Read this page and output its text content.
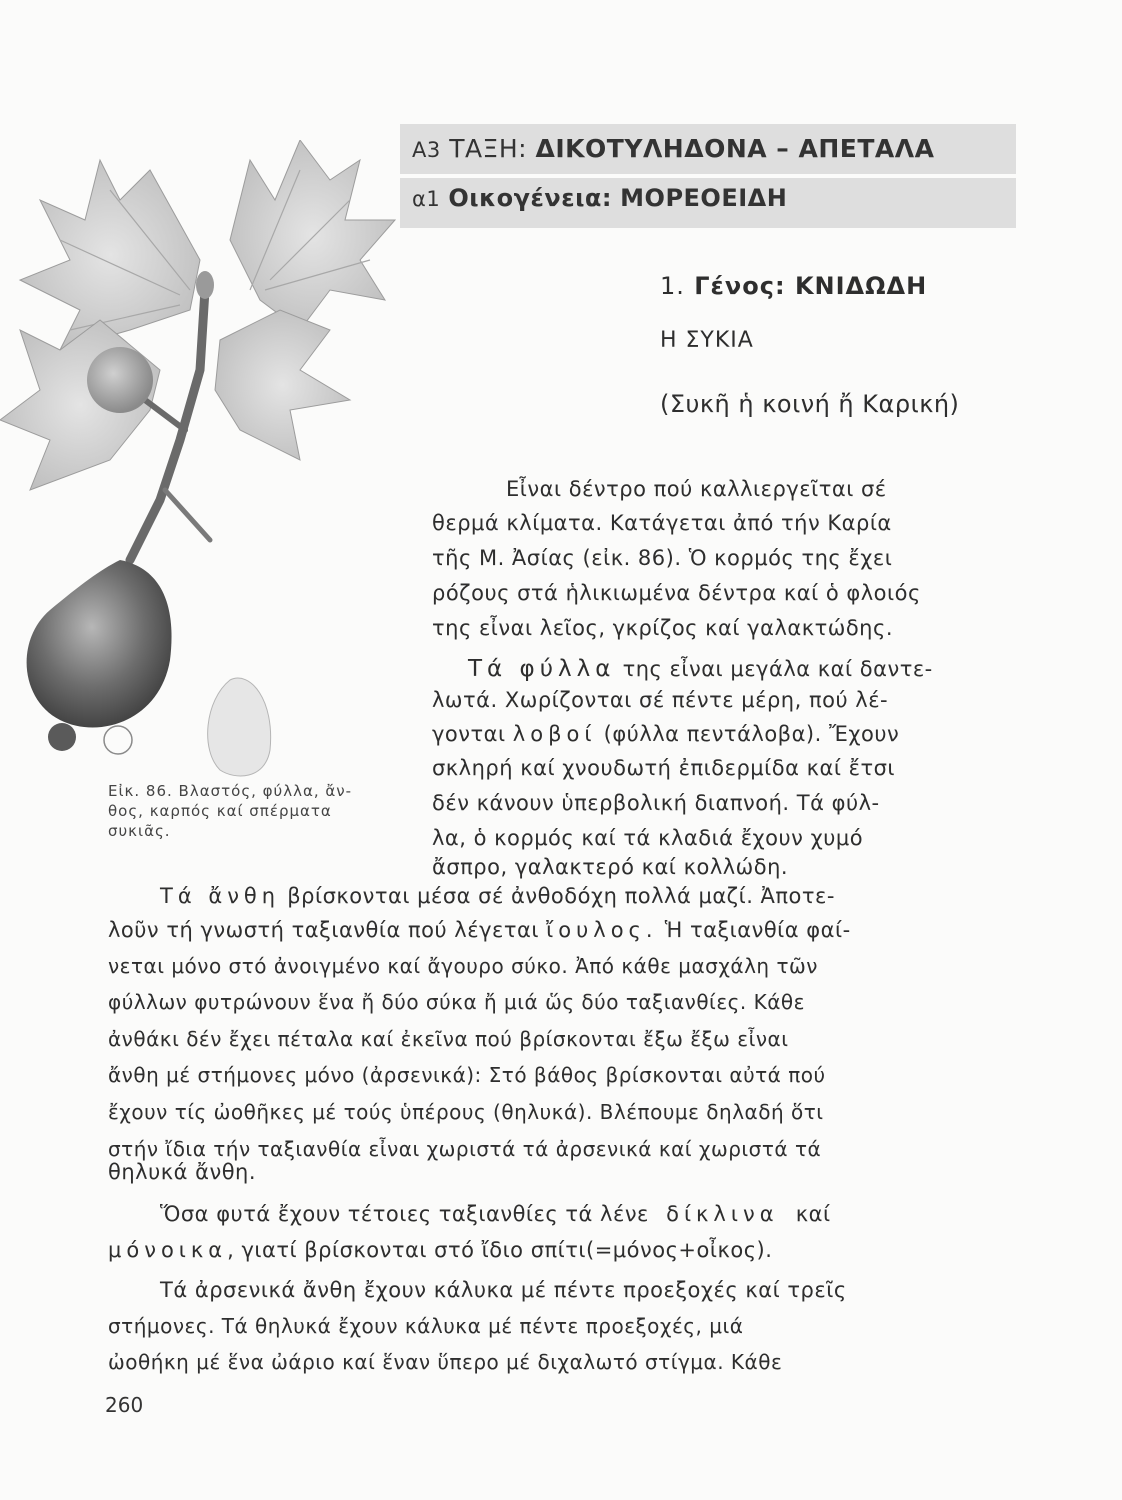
Α3 ΤΑΞΗ: ΔΙΚΟΤΥΛΗΔΟΝΑ – ΑΠΕΤΑΛΑ
α1 Οικογένεια: ΜΟΡΕΟΕΙΔΗ
1. Γένος: ΚΝΙΔΩΔΗ
Η ΣΥΚΙΑ
(Συκῆ ἡ κοινή ἤ Καρική)
Εἰκ. 86. Βλαστός, φύλλα, ἄν-
θος, καρπός καί σπέρματα
συκιᾶς.
Εἶναι δέντρο πού καλλιεργεῖται σέ
θερμά κλίματα. Κατάγεται ἀπό τήν Καρία
τῆς Μ. Ἀσίας (εἰκ. 86). Ὁ κορμός της ἔχει
ρόζους στά ἡλικιωμένα δέντρα καί ὁ φλοιός
της εἶναι λεῖος, γκρίζος καί γαλακτώδης.
Τά φύλλα της εἶναι μεγάλα καί δαντε-
λωτά. Χωρίζονται σέ πέντε μέρη, πού λέ-
γονται λοβοί (φύλλα πεντάλοβα). Ἔχουν
σκληρή καί χνουδωτή ἐπιδερμίδα καί ἔτσι
δέν κάνουν ὑπερβολική διαπνοή. Τά φύλ-
λα, ὁ κορμός καί τά κλαδιά ἔχουν χυμό
ἄσπρο, γαλακτερό καί κολλώδη.
Τά ἄνθη βρίσκονται μέσα σέ ἀνθοδόχη πολλά μαζί. Ἀποτε-
λοῦν τή γνωστή ταξιανθία πού λέγεται ἴουλος. Ἡ ταξιανθία φαί-
νεται μόνο στό ἀνοιγμένο καί ἄγουρο σύκο. Ἀπό κάθε μασχάλη τῶν
φύλλων φυτρώνουν ἕνα ἤ δύο σύκα ἤ μιά ὥς δύο ταξιανθίες. Κάθε
ἀνθάκι δέν ἔχει πέταλα καί ἐκεῖνα πού βρίσκονται ἔξω ἔξω εἶναι
ἄνθη μέ στήμονες μόνο (ἀρσενικά): Στό βάθος βρίσκονται αὐτά πού
ἔχουν τίς ὠοθῆκες μέ τούς ὑπέρους (θηλυκά). Βλέπουμε δηλαδή ὅτι
στήν ἴδια τήν ταξιανθία εἶναι χωριστά τά ἀρσενικά καί χωριστά τά
θηλυκά ἄνθη.
Ὅσα φυτά ἔχουν τέτοιες ταξιανθίες τά λένε δίκλινα καί
μόνοικα, γιατί βρίσκονται στό ἴδιο σπίτι(=μόνος+οἶκος).
Τά ἀρσενικά ἄνθη ἔχουν κάλυκα μέ πέντε προεξοχές καί τρεῖς
στήμονες. Τά θηλυκά ἔχουν κάλυκα μέ πέντε προεξοχές, μιά
ὠοθήκη μέ ἕνα ὠάριο καί ἕναν ὕπερο μέ διχαλωτό στίγμα. Κάθε
260
